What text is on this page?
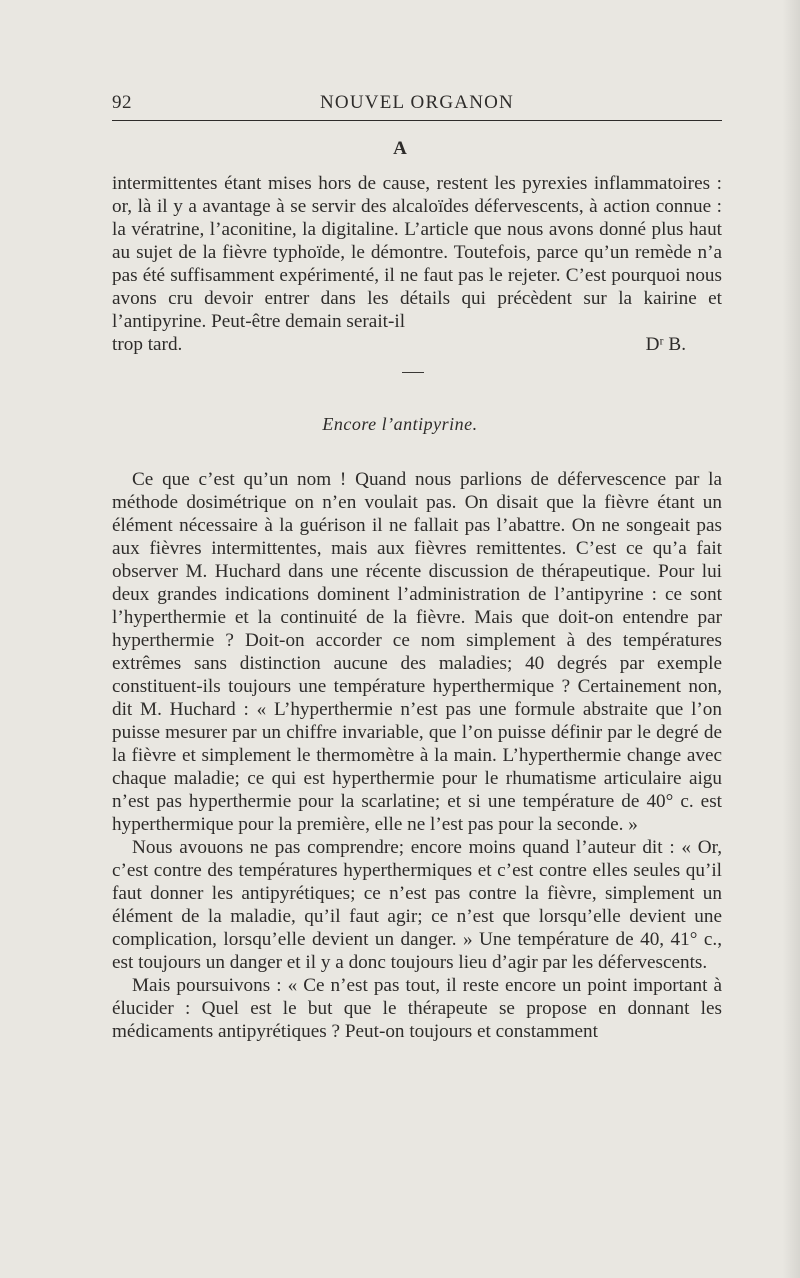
92	NOUVEL ORGANON
A

intermittentes étant mises hors de cause, restent les pyrexies inflammatoires : or, là il y a avantage à se servir des alcaloïdes défervescents, à action connue : la vératrine, l’aconitine, la digitaline. L’article que nous avons donné plus haut au sujet de la fièvre typhoïde, le démontre. Toutefois, parce qu’un remède n’a pas été suffisamment expérimenté, il ne faut pas le rejeter. C’est pourquoi nous avons cru devoir entrer dans les détails qui précèdent sur la kairine et l’antipyrine. Peut-être demain serait-il

trop tard.	Dʳ B.
Encore l’antipyrine.

Ce que c’est qu’un nom ! Quand nous parlions de défervescence par la méthode dosimétrique on n’en voulait pas. On disait que la fièvre étant un élément nécessaire à la guérison il ne fallait pas l’abattre. On ne songeait pas aux fièvres intermittentes, mais aux fièvres remittentes. C’est ce qu’a fait observer M. Huchard dans une récente discussion de thérapeutique. Pour lui deux grandes indications dominent l’administration de l’antipyrine : ce sont l’hyperthermie et la continuité de la fièvre. Mais que doit-on entendre par hyperthermie ? Doit-on accorder ce nom simplement à des températures extrêmes sans distinction aucune des maladies; 40 degrés par exemple constituent-ils toujours une température hyperthermique ? Certainement non, dit M. Huchard : « L’hyperthermie n’est pas une formule abstraite que l’on puisse mesurer par un chiffre invariable, que l’on puisse définir par le degré de la fièvre et simplement le thermomètre à la main. L’hyperthermie change avec chaque maladie; ce qui est hyperthermie pour le rhumatisme articulaire aigu n’est pas hyperthermie pour la scarlatine; et si une température de 40° c. est hyperthermique pour la première, elle ne l’est pas pour la seconde. »

Nous avouons ne pas comprendre; encore moins quand l’auteur dit : « Or, c’est contre des températures hyperthermiques et c’est contre elles seules qu’il faut donner les antipyrétiques; ce n’est pas contre la fièvre, simplement un élément de la maladie, qu’il faut agir; ce n’est que lorsqu’elle devient une complication, lorsqu’elle devient un danger. » Une température de 40, 41° c., est toujours un danger et il y a donc toujours lieu d’agir par les défervescents.

Mais poursuivons : « Ce n’est pas tout, il reste encore un point important à élucider : Quel est le but que le thérapeute se propose en donnant les médicaments antipyrétiques ? Peut-on toujours et constamment
